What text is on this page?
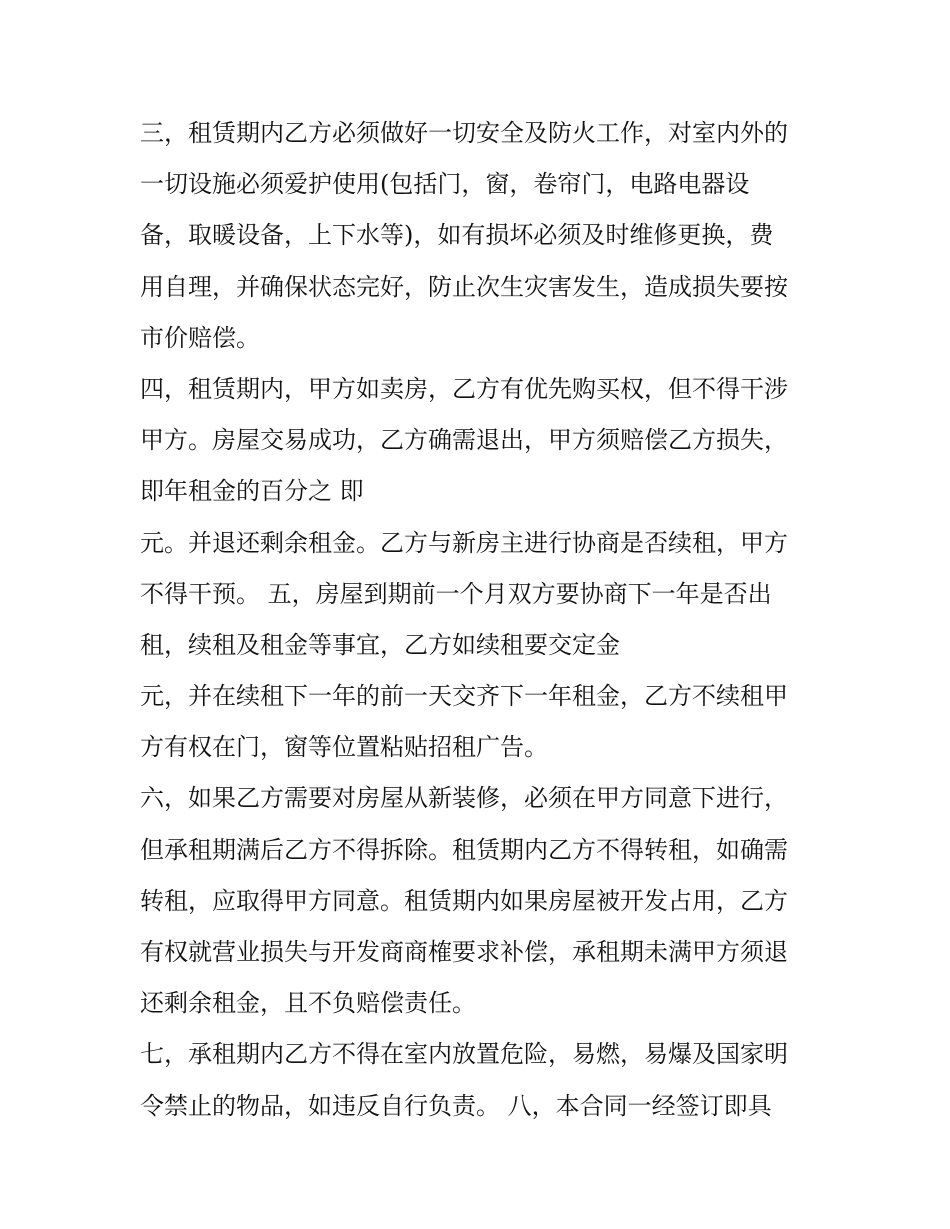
三，租赁期内乙方必须做好一切安全及防火工作，对室内外的
一切设施必须爱护使用(包括门，窗，卷帘门，电路电器设
备，取暖设备，上下水等)，如有损坏必须及时维修更换，费
用自理，并确保状态完好，防止次生灾害发生，造成损失要按
市价赔偿。
四，租赁期内，甲方如卖房，乙方有优先购买权，但不得干涉
甲方。房屋交易成功，乙方确需退出，甲方须赔偿乙方损失，
即年租金的百分之 即
元。并退还剩余租金。乙方与新房主进行协商是否续租，甲方
不得干预。 五，房屋到期前一个月双方要协商下一年是否出
租，续租及租金等事宜，乙方如续租要交定金
元，并在续租下一年的前一天交齐下一年租金，乙方不续租甲
方有权在门，窗等位置粘贴招租广告。
六，如果乙方需要对房屋从新装修，必须在甲方同意下进行，
但承租期满后乙方不得拆除。租赁期内乙方不得转租，如确需
转租，应取得甲方同意。租赁期内如果房屋被开发占用，乙方
有权就营业损失与开发商商榷要求补偿，承租期未满甲方须退
还剩余租金，且不负赔偿责任。
七，承租期内乙方不得在室内放置危险，易燃，易爆及国家明
令禁止的物品，如违反自行负责。 八，本合同一经签订即具
